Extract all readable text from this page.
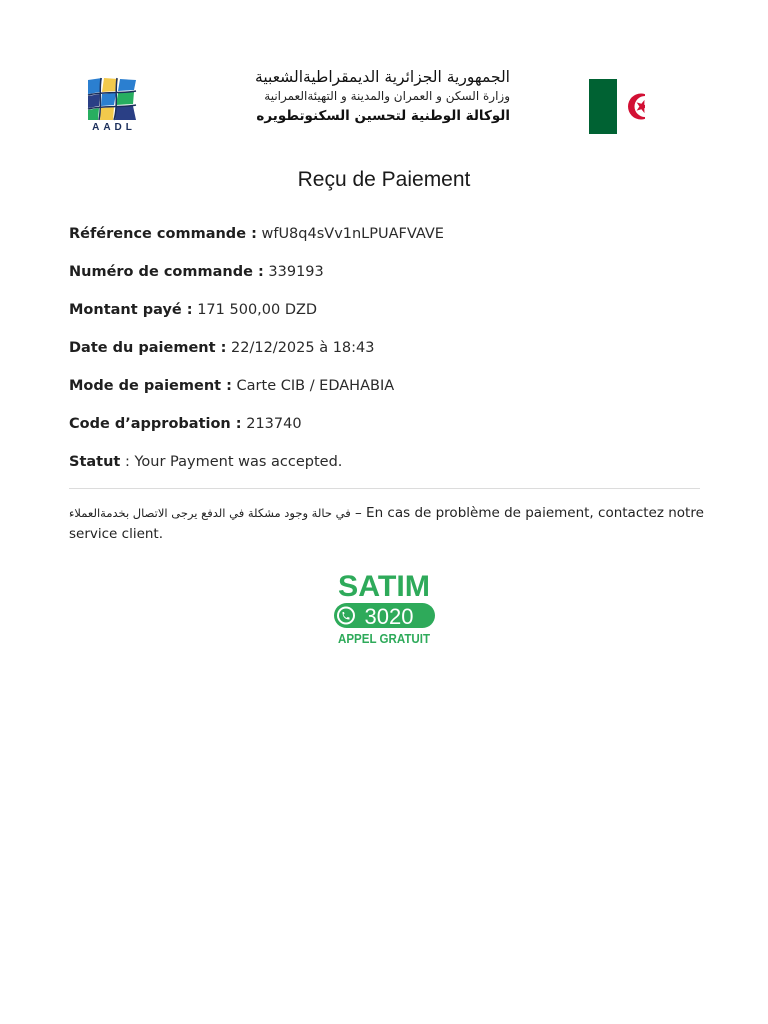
AADL
الجمهورية الجزائرية الديمقراطيةالشعبية
وزارة السكن و العمران والمدينة و التهيئةالعمرانية
الوكالة الوطنية لتحسين السكنوتطويره
Reçu de Paiement
Référence commande : wfU8q4sVv1nLPUAFVAVE
Numéro de commande : 339193
Montant payé : 171 500,00 DZD
Date du paiement : 22/12/2025 à 18:43
Mode de paiement : Carte CIB / EDAHABIA
Code d’approbation : 213740
Statut : Your Payment was accepted.
في حالة وجود مشكلة في الدفع يرجى الاتصال بخدمةالعملاء – En cas de problème de paiement, contactez notre service client.
SATIM
3020
APPEL GRATUIT
